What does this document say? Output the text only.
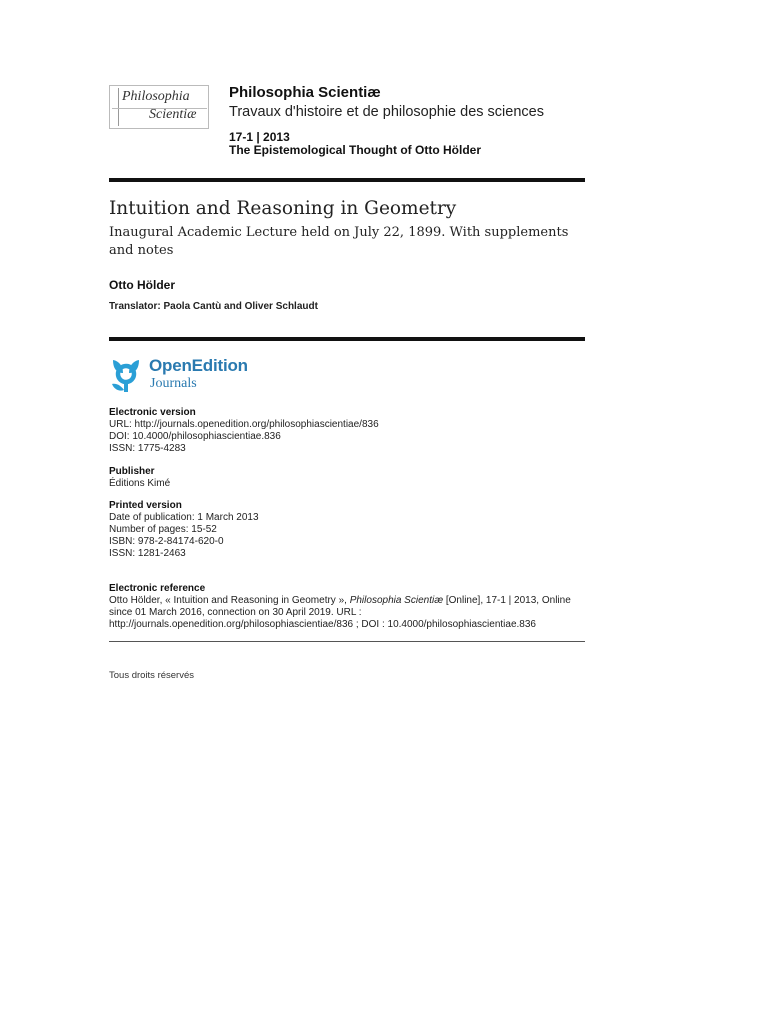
Philosophia
Scientiæ
Philosophia Scientiæ
Travaux d'histoire et de philosophie des sciences
17-1 | 2013
The Epistemological Thought of Otto Hölder
Intuition and Reasoning in Geometry
Inaugural Academic Lecture held on July 22, 1899. With supplements and notes
Otto Hölder
Translator: Paola Cantù and Oliver Schlaudt
OpenEdition
Journals
Electronic version
URL: http://journals.openedition.org/philosophiascientiae/836
DOI: 10.4000/philosophiascientiae.836
ISSN: 1775-4283
Publisher
Éditions Kimé
Printed version
Date of publication: 1 March 2013
Number of pages: 15-52
ISBN: 978-2-84174-620-0
ISSN: 1281-2463
Electronic reference
Otto Hölder, « Intuition and Reasoning in Geometry », Philosophia Scientiæ [Online], 17-1 | 2013, Online since 01 March 2016, connection on 30 April 2019. URL : http://journals.openedition.org/philosophiascientiae/836 ; DOI : 10.4000/philosophiascientiae.836
Tous droits réservés
